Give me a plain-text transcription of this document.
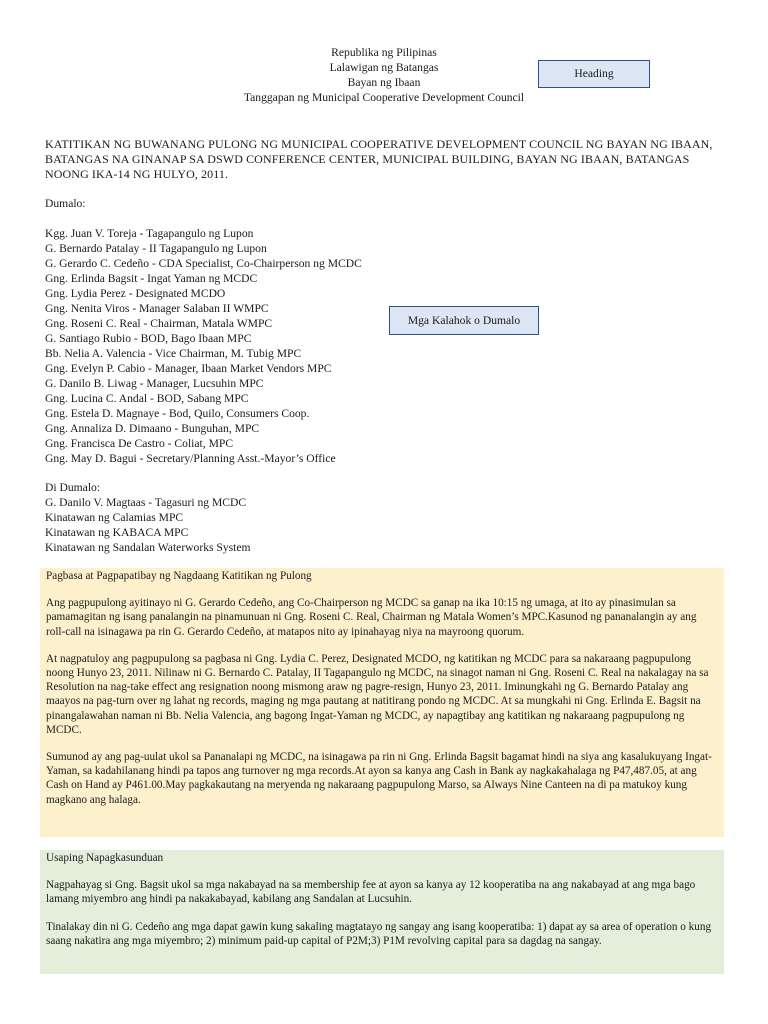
Republika ng Pilipinas
Lalawigan ng Batangas
Bayan ng Ibaan
Tanggapan ng Municipal Cooperative Development Council
Heading
KATITIKAN NG BUWANANG PULONG NG MUNICIPAL COOPERATIVE DEVELOPMENT COUNCIL NG BAYAN NG IBAAN, BATANGAS NA GINANAP SA DSWD CONFERENCE CENTER, MUNICIPAL BUILDING, BAYAN NG IBAAN, BATANGAS NOONG IKA-14 NG HULYO, 2011.
Dumalo:
Kgg. Juan V. Toreja - Tagapangulo ng Lupon
G. Bernardo Patalay - II Tagapangulo ng Lupon
G. Gerardo C. Cedeño - CDA Specialist, Co-Chairperson ng MCDC
Gng. Erlinda Bagsit - Ingat Yaman ng MCDC
Gng. Lydia Perez - Designated MCDO
Gng. Nenita Viros - Manager Salaban II WMPC
Gng. Roseni C. Real - Chairman, Matala WMPC
G. Santiago Rubio - BOD, Bago Ibaan MPC
Bb. Nelia A. Valencia - Vice Chairman, M. Tubig MPC
Gng. Evelyn P. Cabio - Manager, Ibaan Market Vendors MPC
G. Danilo B. Liwag - Manager, Lucsuhin MPC
Gng. Lucina C. Andal - BOD, Sabang MPC
Gng. Estela D. Magnaye - Bod, Quilo, Consumers Coop.
Gng. Annaliza D. Dimaano - Bunguhan, MPC
Gng. Francisca De Castro - Coliat, MPC
Gng. May D. Bagui - Secretary/Planning Asst.-Mayor’s Office
Mga Kalahok o Dumalo
Di Dumalo:
G. Danilo V. Magtaas - Tagasuri ng MCDC
Kinatawan ng Calamias MPC
Kinatawan ng KABACA MPC
Kinatawan ng Sandalan Waterworks System

Pagbasa at Pagpapatibay ng Nagdaang Katitikan ng Pulong

Ang pagpupulong ayitinayo ni G. Gerardo Cedeño, ang Co-Chairperson ng MCDC sa ganap na ika 10:15 ng umaga, at ito ay pinasimulan sa pamamagitan ng isang panalangin na pinamunuan ni Gng. Roseni C. Real, Chairman ng Matala Women’s MPC.Kasunod ng pananalangin ay ang roll-call na isinagawa pa rin G. Gerardo Cedeño, at matapos nito ay ipinahayag niya na mayroong quorum.

At nagpatuloy ang pagpupulong sa pagbasa ni Gng. Lydia C. Perez, Designated MCDO, ng katitikan ng MCDC para sa nakaraang pagpupulong noong Hunyo 23, 2011. Nilinaw ni G. Bernardo C. Patalay, II Tagapangulo ng MCDC, na sinagot naman ni Gng. Roseni C. Real na nakalagay na sa Resolution na nag-take effect ang resignation noong mismong araw ng pagre-resign, Hunyo 23, 2011. Iminungkahi ng G. Bernardo Patalay ang maayos na pag-turn over ng lahat ng records, maging ng mga pautang at natitirang pondo ng MCDC. At sa mungkahi ni Gng. Erlinda E. Bagsit na pinangalawahan naman ni Bb. Nelia Valencia, ang bagong Ingat-Yaman ng MCDC, ay napagtibay ang katitikan ng nakaraang pagpupulong ng MCDC.

Sumunod ay ang pag-uulat ukol sa Pananalapi ng MCDC, na isinagawa pa rin ni Gng. Erlinda Bagsit bagamat hindi na siya ang kasalukuyang Ingat-Yaman, sa kadahilanang hindi pa tapos ang turnover ng mga records.At ayon sa kanya ang Cash in Bank ay nagkakahalaga ng P47,487.05, at ang Cash on Hand ay P461.00.May pagkakautang na meryenda ng nakaraang pagpupulong Marso, sa Always Nine Canteen na di pa matukoy kung magkano ang halaga.

Usaping Napagkasunduan

Nagpahayag si Gng. Bagsit ukol sa mga nakabayad na sa membership fee at ayon sa kanya ay 12 kooperatiba na ang nakabayad at ang mga bago lamang miyembro ang hindi pa nakakabayad, kabilang ang Sandalan at Lucsuhin.

Tinalakay din ni G. Cedeño ang mga dapat gawin kung sakaling magtatayo ng sangay ang isang kooperatiba: 1) dapat ay sa area of operation o kung saang nakatira ang mga miyembro; 2) minimum paid-up capital of P2M;3) P1M revolving capital para sa dagdag na sangay.
